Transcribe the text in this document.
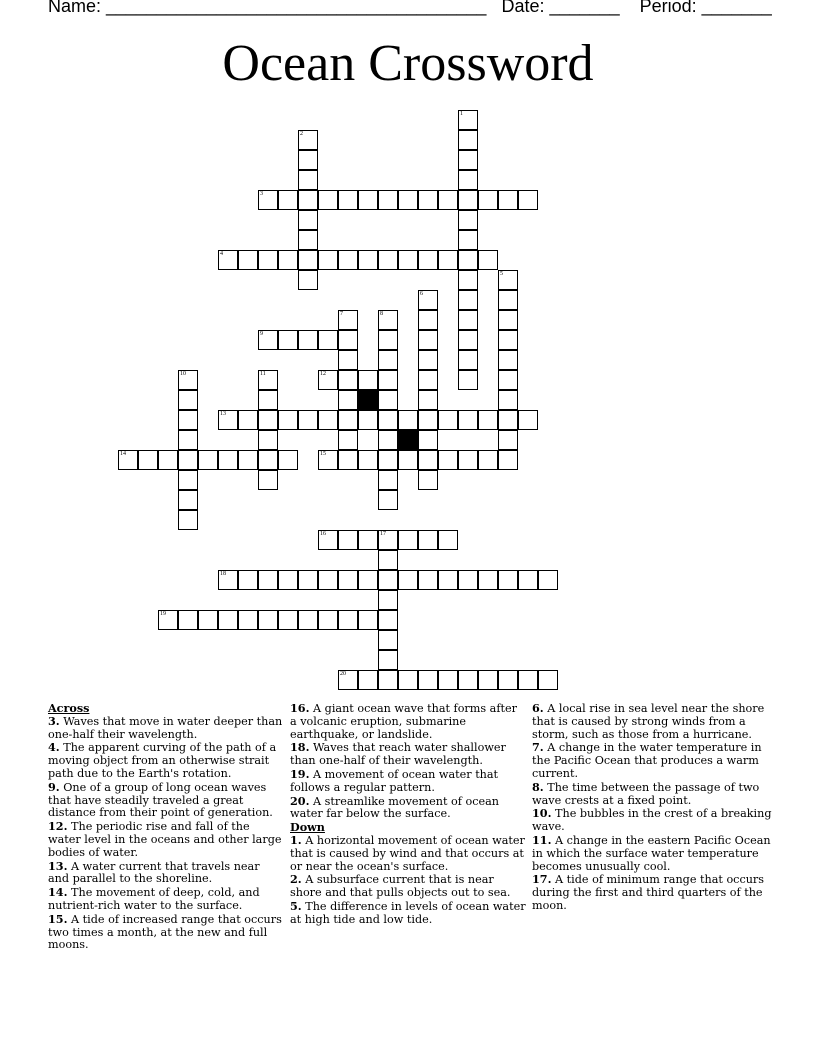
Name: ______________________________________ Date: _______ Period: _______
Ocean Crossword
1
2
3
4
5
6
7	8
9
10	11	12
13
14	15
16	17
18
19
20
Across
3. Waves that move in water deeper than one-half their wavelength.
4. The apparent curving of the path of a moving object from an otherwise strait path due to the Earth's rotation.
9. One of a group of long ocean waves that have steadily traveled a great distance from their point of generation.
12. The periodic rise and fall of the water level in the oceans and other large bodies of water.
13. A water current that travels near and parallel to the shoreline.
14. The movement of deep, cold, and nutrient-rich water to the surface.
15. A tide of increased range that occurs two times a month, at the new and full moons.
16. A giant ocean wave that forms after a volcanic eruption, submarine earthquake, or landslide.
18. Waves that reach water shallower than one-half of their wavelength.
19. A movement of ocean water that follows a regular pattern.
20. A streamlike movement of ocean water far below the surface.
Down
1. A horizontal movement of ocean water that is caused by wind and that occurs at or near the ocean's surface.
2. A subsurface current that is near shore and that pulls objects out to sea.
5. The difference in levels of ocean water at high tide and low tide.
6. A local rise in sea level near the shore that is caused by strong winds from a storm, such as those from a hurricane.
7. A change in the water temperature in the Pacific Ocean that produces a warm current.
8. The time between the passage of two wave crests at a fixed point.
10. The bubbles in the crest of a breaking wave.
11. A change in the eastern Pacific Ocean in which the surface water temperature becomes unusually cool.
17. A tide of minimum range that occurs during the first and third quarters of the moon.
